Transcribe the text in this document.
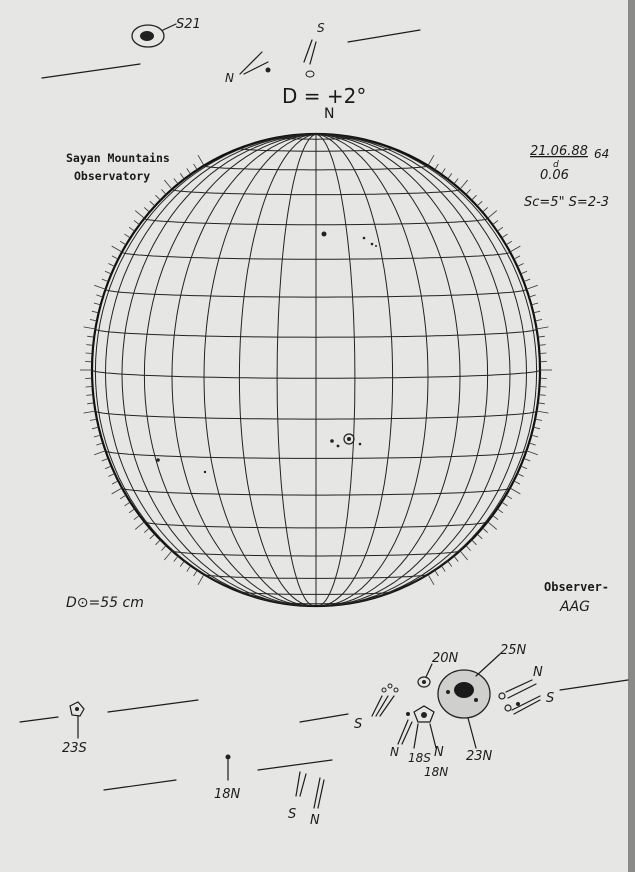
D = +2°
N
Sayan Mountains
Observatory
21.06.88 64
0.06
d
Sc=5" S=2-3
S21
N
S
D⊙=55 cm
Observer-
AAG
23S
18N
S N
23N
25N
20N
S
N 18S N
18N
N
S
